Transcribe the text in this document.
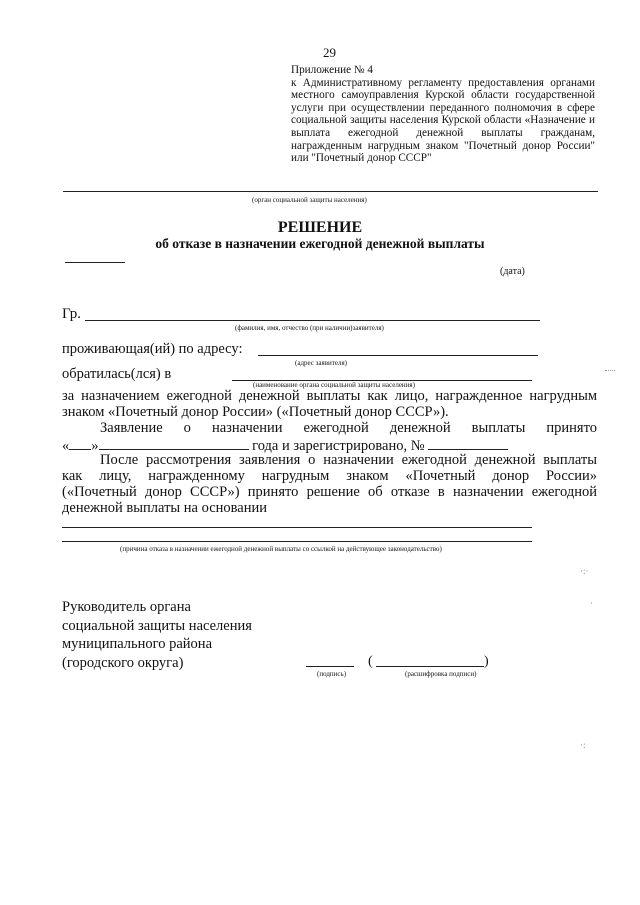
29
Приложение № 4
к Административному регламенту предоставления органами местного самоуправления Курской области государственной услуги при осуществлении переданного полномочия в сфере социальной защиты населения Курской области «Назначение и выплата ежегодной денежной выплаты гражданам, награжденным нагрудным знаком "Почетный донор России" или "Почетный донор СССР"
(орган социальной защиты населения)
РЕШЕНИЕ
об отказе в назначении ежегодной денежной выплаты
(дата)
Гр.
(фамилия, имя, отчество (при наличии)заявителя)
проживающая(ий) по адресу:
(адрес заявителя)
обратилась(лся) в
(наименование органа социальной защиты населения)
за назначением ежегодной денежной выплаты как лицо, награжденное нагрудным
знаком «Почетный донор России» («Почетный донор СССР»).
Заявление о назначении ежегодной денежной выплаты принято
« »	года и зарегистрировано, №
После рассмотрения заявления о назначении ежегодной денежной выплаты
как лицу, награжденному нагрудным знаком «Почетный донор России»
(«Почетный донор СССР») принято решение об отказе в назначении ежегодной
денежной выплаты на основании
(причина отказа в назначении ежегодной денежной выплаты со ссылкой на действующее законодательство)
Руководитель органа
социальной защиты населения
муниципального района
(городского округа)
(подпись)
(	)
(расшифровка подписи)
·:·
·
·:
